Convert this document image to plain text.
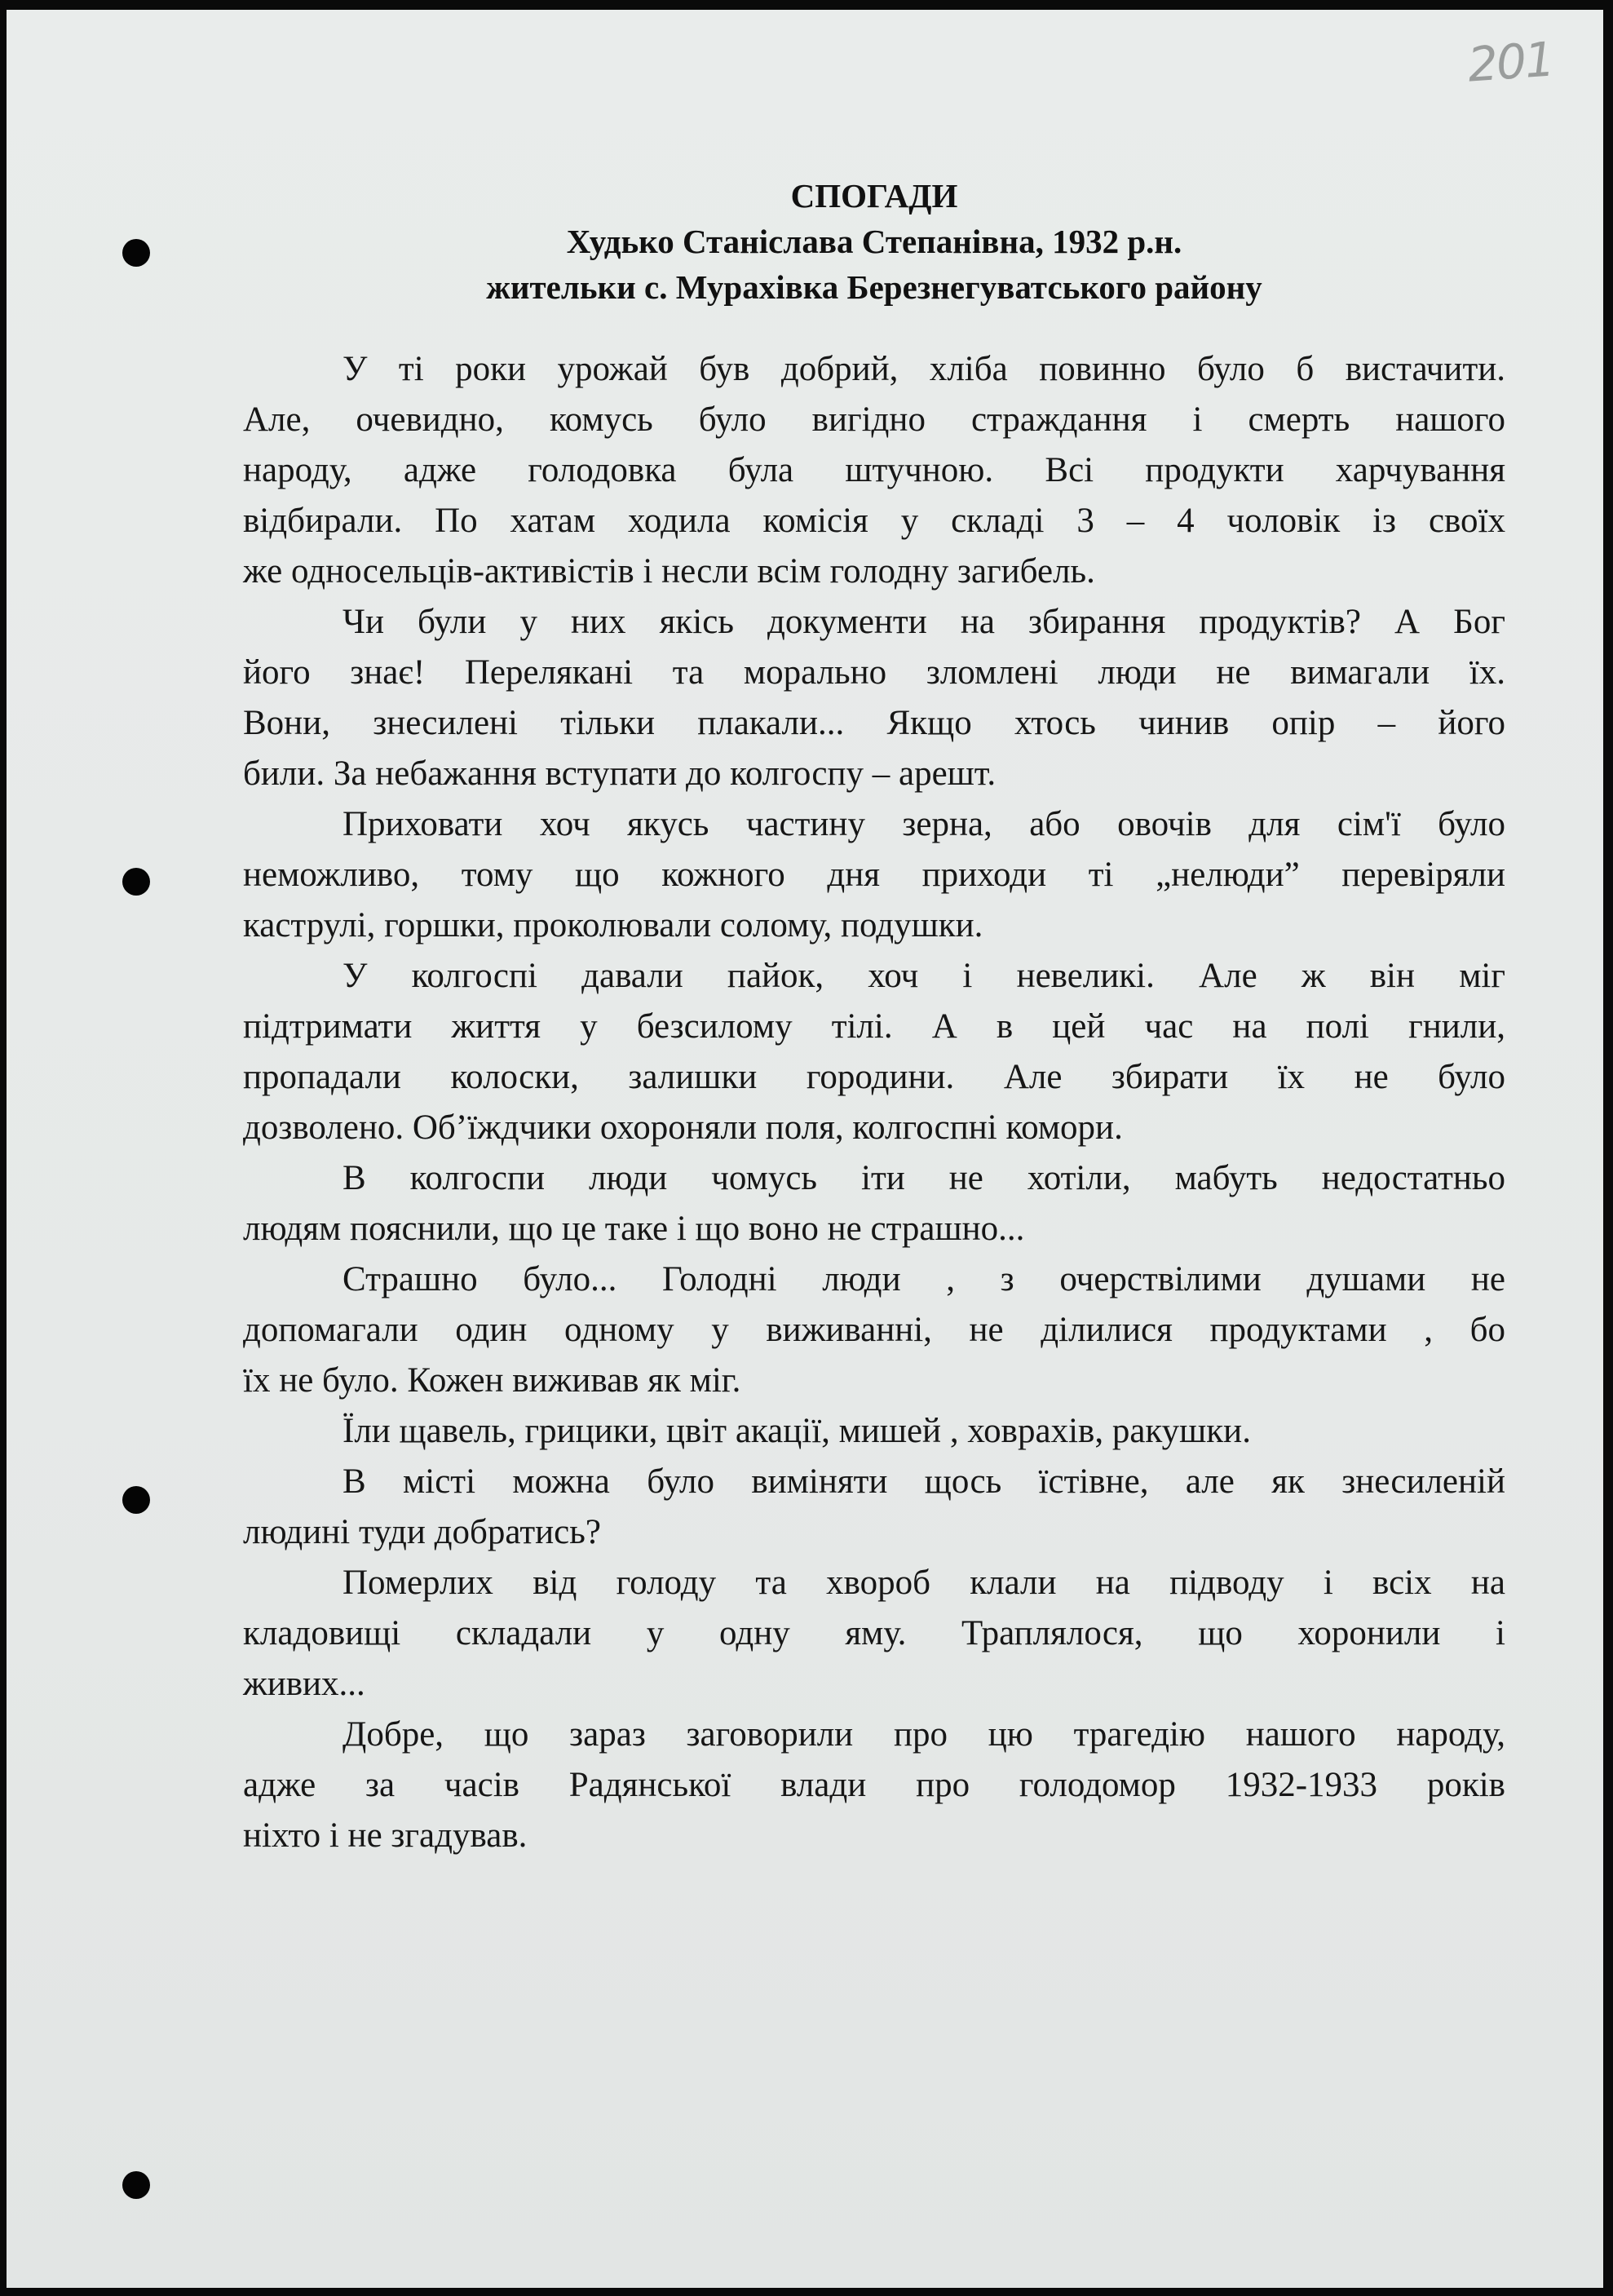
201
СПОГАДИ
Худько Станіслава Степанівна, 1932 р.н.
жительки с. Мурахівка Березнегуватського району
У ті роки урожай був добрий, хліба повинно було б вистачити.
Але, очевидно, комусь було вигідно страждання і смерть нашого
народу, адже голодовка була штучною. Всі продукти харчування
відбирали. По хатам ходила комісія у складі 3 – 4 чоловік із своїх
же односельців-активістів і несли всім голодну загибель.
Чи були у них якісь документи на збирання продуктів? А Бог
його знає! Перелякані та морально зломлені люди не вимагали їх.
Вони, знесилені тільки плакали... Якщо хтось чинив опір – його
били. За небажання вступати до колгоспу – арешт.
Приховати хоч якусь частину зерна, або овочів для сім'ї було
неможливо, тому що кожного дня приходи ті „нелюди” перевіряли
каструлі, горшки, проколювали солому, подушки.
У колгоспі давали пайок, хоч і невеликі. Але ж він міг
підтримати життя у безсилому тілі. А в цей час на полі гнили,
пропадали колоски, залишки городини. Але збирати їх не було
дозволено. Об’їждчики охороняли поля, колгоспні комори.
В колгоспи люди чомусь іти не хотіли, мабуть недостатньо
людям пояснили, що це таке і що воно не страшно...
Страшно було... Голодні люди , з очерствілими душами не
допомагали один одному у виживанні, не ділилися продуктами , бо
їх не було. Кожен виживав як міг.
Їли щавель, грицики, цвіт акації, мишей , ховрахів, ракушки.
В місті можна було виміняти щось їстівне, але як знесиленій
людині туди добратись?
Померлих від голоду та хвороб клали на підводу і всіх на
кладовищі складали у одну яму. Траплялося, що хоронили і
живих...
Добре, що зараз заговорили про цю трагедію нашого народу,
адже за часів Радянської влади про голодомор 1932-1933 років
ніхто і не згадував.
